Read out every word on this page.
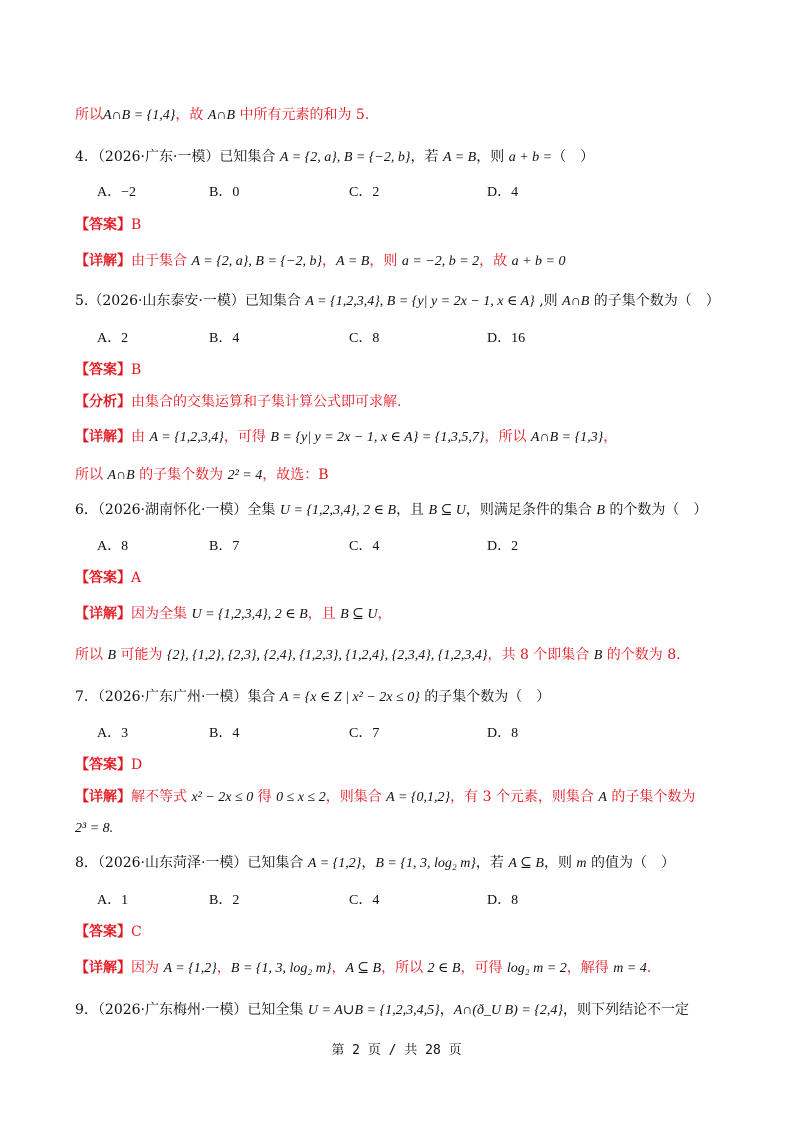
所以A∩B = {1,4}，故 A∩B 中所有元素的和为 5.
4．（2026·广东·一模）已知集合 A = {2, a}, B = {−2, b}，若 A = B，则 a + b =（　）
A．−2	B．0	C．2	D．4
【答案】B
【详解】由于集合 A = {2, a}, B = {−2, b}，A = B，则 a = −2, b = 2，故 a + b = 0
5.（2026·山东泰安·一模）已知集合 A = {1,2,3,4}, B = {y| y = 2x − 1, x ∈ A} ,则 A∩B 的子集个数为（　）
A．2	B．4	C．8	D．16
【答案】B
【分析】由集合的交集运算和子集计算公式即可求解.
【详解】由 A = {1,2,3,4}，可得 B = {y| y = 2x − 1, x ∈ A} = {1,3,5,7}，所以 A∩B = {1,3}，
所以 A∩B 的子集个数为 2² = 4，故选：B
6．（2026·湖南怀化·一模）全集 U = {1,2,3,4}, 2 ∈ B，且 B ⊆ U，则满足条件的集合 B 的个数为（　）
A．8	B．7	C．4	D．2
【答案】A
【详解】因为全集 U = {1,2,3,4}, 2 ∈ B，且 B ⊆ U，
所以 B 可能为 {2}, {1,2}, {2,3}, {2,4}, {1,2,3}, {1,2,4}, {2,3,4}, {1,2,3,4}，共 8 个即集合 B 的个数为 8.
7．（2026·广东广州·一模）集合 A = {x ∈ Z | x² − 2x ≤ 0} 的子集个数为（　）
A．3	B．4	C．7	D．8
【答案】D
【详解】解不等式 x² − 2x ≤ 0 得 0 ≤ x ≤ 2，则集合 A = {0,1,2}，有 3 个元素，则集合 A 的子集个数为
2³ = 8.
8．（2026·山东菏泽·一模）已知集合 A = {1,2}，B = {1, 3, log₂ m}，若 A ⊆ B，则 m 的值为（　）
A．1	B．2	C．4	D．8
【答案】C
【详解】因为 A = {1,2}，B = {1, 3, log₂ m}，A ⊆ B，所以 2 ∈ B，可得 log₂ m = 2，解得 m = 4.
9．（2026·广东梅州·一模）已知全集 U = A∪B = {1,2,3,4,5}，A∩(ð_U B) = {2,4}，则下列结论不一定
第 2 页 / 共 28 页
